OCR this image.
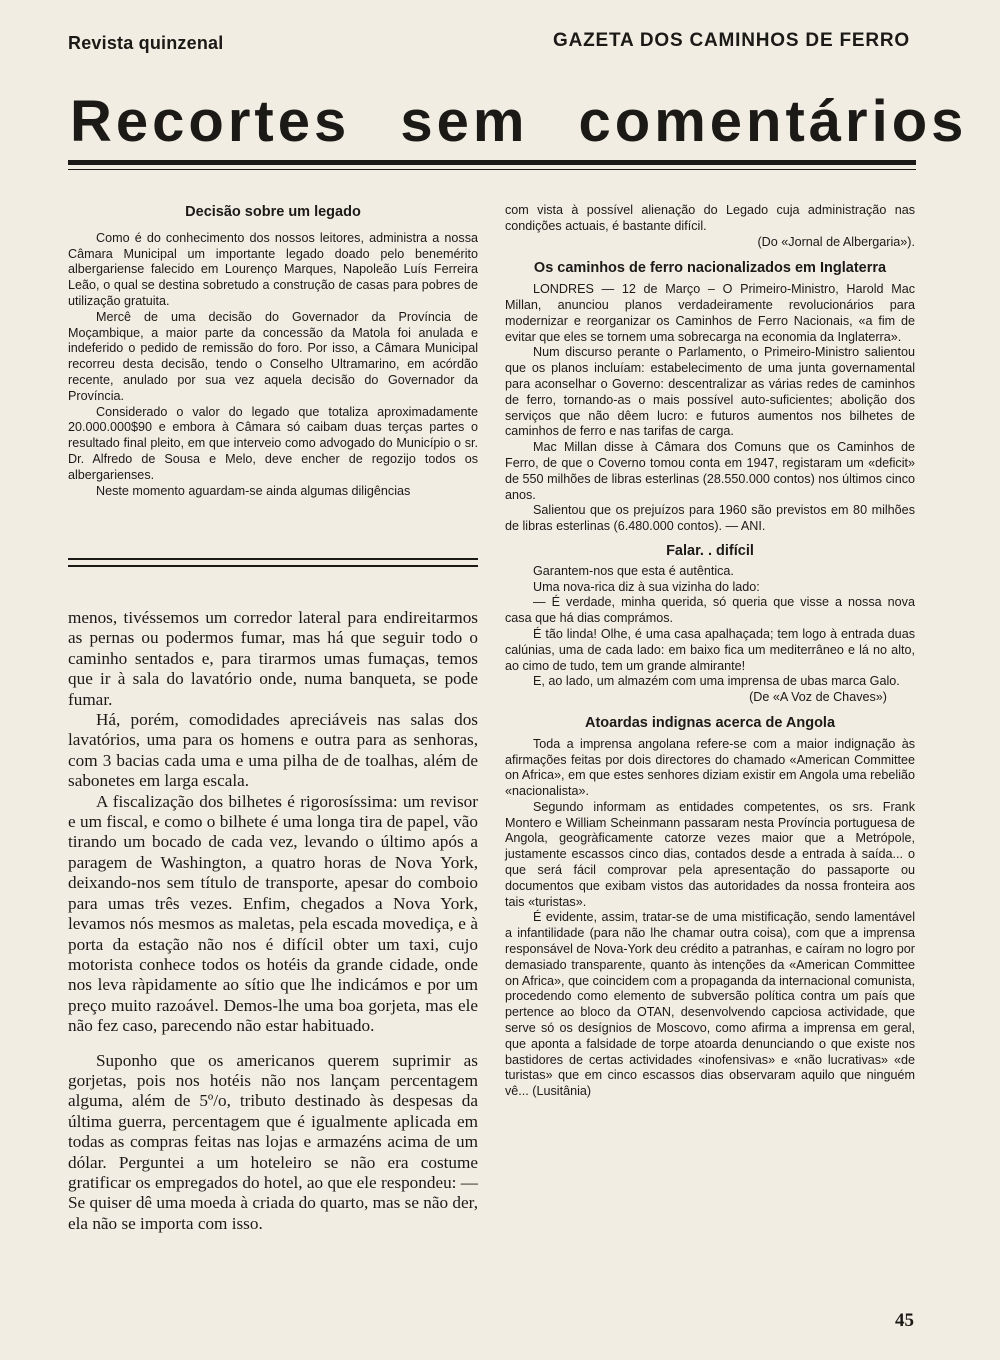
Revista quinzenal	GAZETA DOS CAMINHOS DE FERRO
Recortes sem comentários

Decisão sobre um legado

Como é do conhecimento dos nossos leitores, administra a nossa Câmara Municipal um importante legado doado pelo benemérito albergariense falecido em Lourenço Marques, Napoleão Luís Ferreira Leão, o qual se destina sobretudo a construção de casas para pobres de utilização gratuita.

Mercê de uma decisão do Governador da Província de Moçambique, a maior parte da concessão da Matola foi anulada e indeferido o pedido de remissão do foro. Por isso, a Câmara Municipal recorreu desta decisão, tendo o Conselho Ultramarino, em acórdão recente, anulado por sua vez aquela decisão do Governador da Província.

Considerado o valor do legado que totaliza aproximadamente 20.000.000$90 e embora à Câmara só caibam duas terças partes o resultado final pleito, em que interveio como advogado do Município o sr. Dr. Alfredo de Sousa e Melo, deve encher de regozijo todos os albergarienses.

Neste momento aguardam-se ainda algumas diligências

menos, tivéssemos um corredor lateral para endireitarmos as pernas ou podermos fumar, mas há que seguir todo o caminho sentados e, para tirarmos umas fumaças, temos que ir à sala do lavatório onde, numa banqueta, se pode fumar.

Há, porém, comodidades apreciáveis nas salas dos lavatórios, uma para os homens e outra para as senhoras, com 3 bacias cada uma e uma pilha de de toalhas, além de sabonetes em larga escala.

A fiscalização dos bilhetes é rigorosíssima: um revisor e um fiscal, e como o bilhete é uma longa tira de papel, vão tirando um bocado de cada vez, levando o último após a paragem de Washington, a quatro horas de Nova York, deixando-nos sem título de transporte, apesar do comboio para umas três vezes. Enfim, chegados a Nova York, levamos nós mesmos as maletas, pela escada movediça, e à porta da estação não nos é difícil obter um taxi, cujo motorista conhece todos os hotéis da grande cidade, onde nos leva ràpidamente ao sítio que lhe indicámos e por um preço muito razoável. Demos-lhe uma boa gorjeta, mas ele não fez caso, parecendo não estar habituado.

Suponho que os americanos querem suprimir as gorjetas, pois nos hotéis não nos lançam percentagem alguma, além de 5º/o, tributo destinado às despesas da última guerra, percentagem que é igualmente aplicada em todas as compras feitas nas lojas e armazéns acima de um dólar. Perguntei a um hoteleiro se não era costume gratificar os empregados do hotel, ao que ele respondeu: — Se quiser dê uma moeda à criada do quarto, mas se não der, ela não se importa com isso.

com vista à possível alienação do Legado cuja administração nas condições actuais, é bastante difícil.

(Do «Jornal de Albergaria»).

Os caminhos de ferro nacionalizados em Inglaterra

LONDRES — 12 de Março – O Primeiro-Ministro, Harold Mac Millan, anunciou planos verdadeiramente revolucionários para modernizar e reorganizar os Caminhos de Ferro Nacionais, «a fim de evitar que eles se tornem uma sobrecarga na economia da Inglaterra».

Num discurso perante o Parlamento, o Primeiro-Ministro salientou que os planos incluíam: estabelecimento de uma junta governamental para aconselhar o Governo: descentralizar as várias redes de caminhos de ferro, tornando-as o mais possível auto-suficientes; abolição dos serviços que não dêem lucro: e futuros aumentos nos bilhetes de caminhos de ferro e nas tarifas de carga.

Mac Millan disse à Câmara dos Comuns que os Caminhos de Ferro, de que o Coverno tomou conta em 1947, registaram um «deficit» de 550 milhões de libras esterlinas (28.550.000 contos) nos últimos cinco anos.

Salientou que os prejuízos para 1960 são previstos em 80 milhões de libras esterlinas (6.480.000 contos). — ANI.

Falar. . difícil

Garantem-nos que esta é autêntica.

Uma nova-rica diz à sua vizinha do lado:

— É verdade, minha querida, só queria que visse a nossa nova casa que há dias comprámos.

É tão linda! Olhe, é uma casa apalhaçada; tem logo à entrada duas calúnias, uma de cada lado: em baixo fica um mediterrâneo e lá no alto, ao cimo de tudo, tem um grande almirante!

E, ao lado, um almazém com uma imprensa de ubas marca Galo.

(De «A Voz de Chaves»)

Atoardas indignas acerca de Angola

Toda a imprensa angolana refere-se com a maior indignação às afirmações feitas por dois directores do chamado «American Committee on Africa», em que estes senhores diziam existir em Angola uma rebelião «nacionalista».

Segundo informam as entidades competentes, os srs. Frank Montero e William Scheinmann passaram nesta Província portuguesa de Angola, geogràficamente catorze vezes maior que a Metrópole, justamente escassos cinco dias, contados desde a entrada à saída... o que será fácil comprovar pela apresentação do passaporte ou documentos que exibam vistos das autoridades da nossa fronteira aos tais «turistas».

É evidente, assim, tratar-se de uma mistificação, sendo lamentável a infantilidade (para não lhe chamar outra coisa), com que a imprensa responsável de Nova-York deu crédito a patranhas, e caíram no logro por demasiado transparente, quanto às intenções da «American Committee on Africa», que coincidem com a propaganda da internacional comunista, procedendo como elemento de subversão política contra um país que pertence ao bloco da OTAN, desenvolvendo capciosa actividade, que serve só os desígnios de Moscovo, como afirma a imprensa em geral, que aponta a falsidade de torpe atoarda denunciando o que existe nos bastidores de certas actividades «inofensivas» e «não lucrativas» «de turistas» que em cinco escassos dias observaram aquilo que ninguém vê... (Lusitânia)

45
